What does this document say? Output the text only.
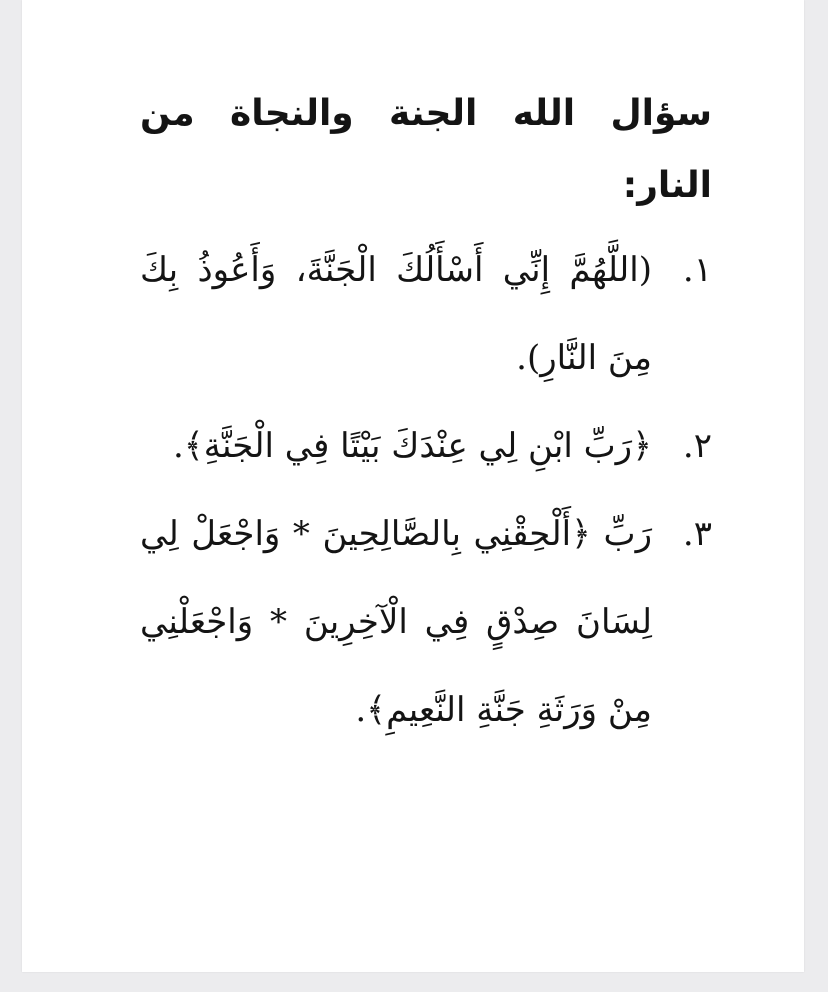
سؤال الله الجنة والنجاة من النار:
١.
(اللَّهُمَّ إِنِّي أَسْأَلُكَ الْجَنَّةَ، وَأَعُوذُ بِكَ مِنَ النَّارِ).
٢.
﴿رَبِّ ابْنِ لِي عِنْدَكَ بَيْتًا فِي الْجَنَّةِ﴾.
٣.
رَبِّ ﴿أَلْحِقْنِي بِالصَّالِحِينَ * وَاجْعَلْ لِي لِسَانَ صِدْقٍ فِي الْآخِرِينَ * وَاجْعَلْنِي مِنْ وَرَثَةِ جَنَّةِ النَّعِيمِ﴾.
